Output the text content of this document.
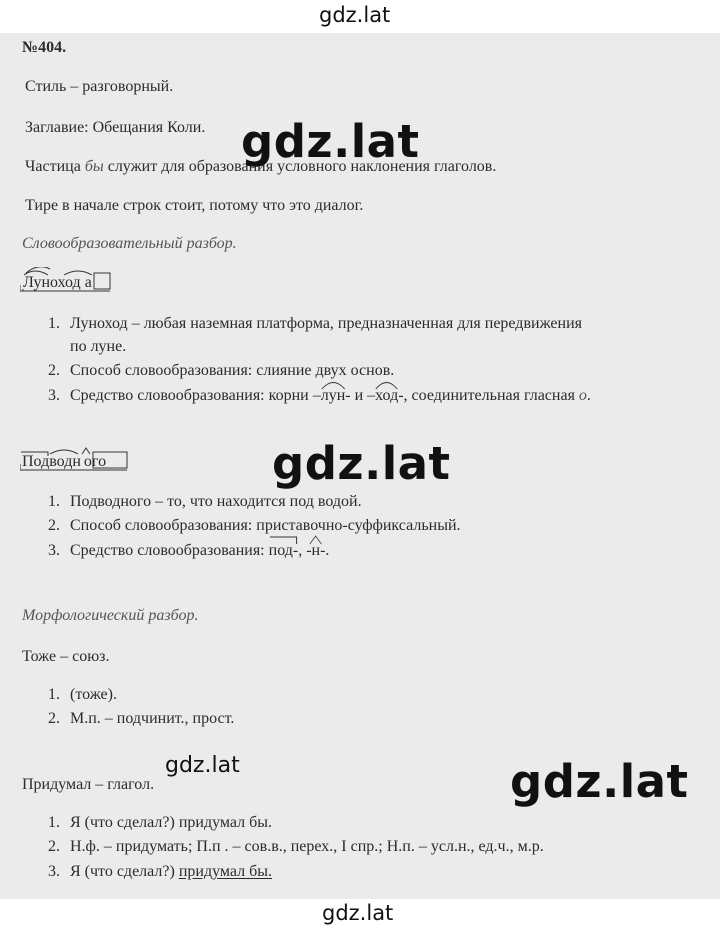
gdz.lat
№404.
Стиль – разговорный.
Заглавие: Обещания Коли.
Частица бы служит для образования условного наклонения глаголов.
Тире в начале строк стоит, потому что это диалог.
Словообразовательный разбор.
Луноход а
1. Луноход – любая наземная платформа, предназначенная для передвижения
по луне.
2. Способ словообразования: слияние двух основ.
3. Средство словообразования: корни –
лун- и –
ход-, соединительная гласная о.
Подводн ого
1. Подводного – то, что находится под водой.
2. Способ словообразования: приставочно-суффиксальный.
3. Средство словообразования:
под-,
-н-.
Морфологический разбор.
Тоже – союз.
1. (тоже).
2. М.п. – подчинит., прост.
Придумал – глагол.
1. Я (что сделал?) придумал бы.
2. Н.ф. – придумать; П.п . – сов.в., перех., I спр.; Н.п. – усл.н., ед.ч., м.р.
3. Я (что сделал?) придумал бы.
gdz.lat
gdz.lat
gdz.lat	gdz.lat
gdz.lat
